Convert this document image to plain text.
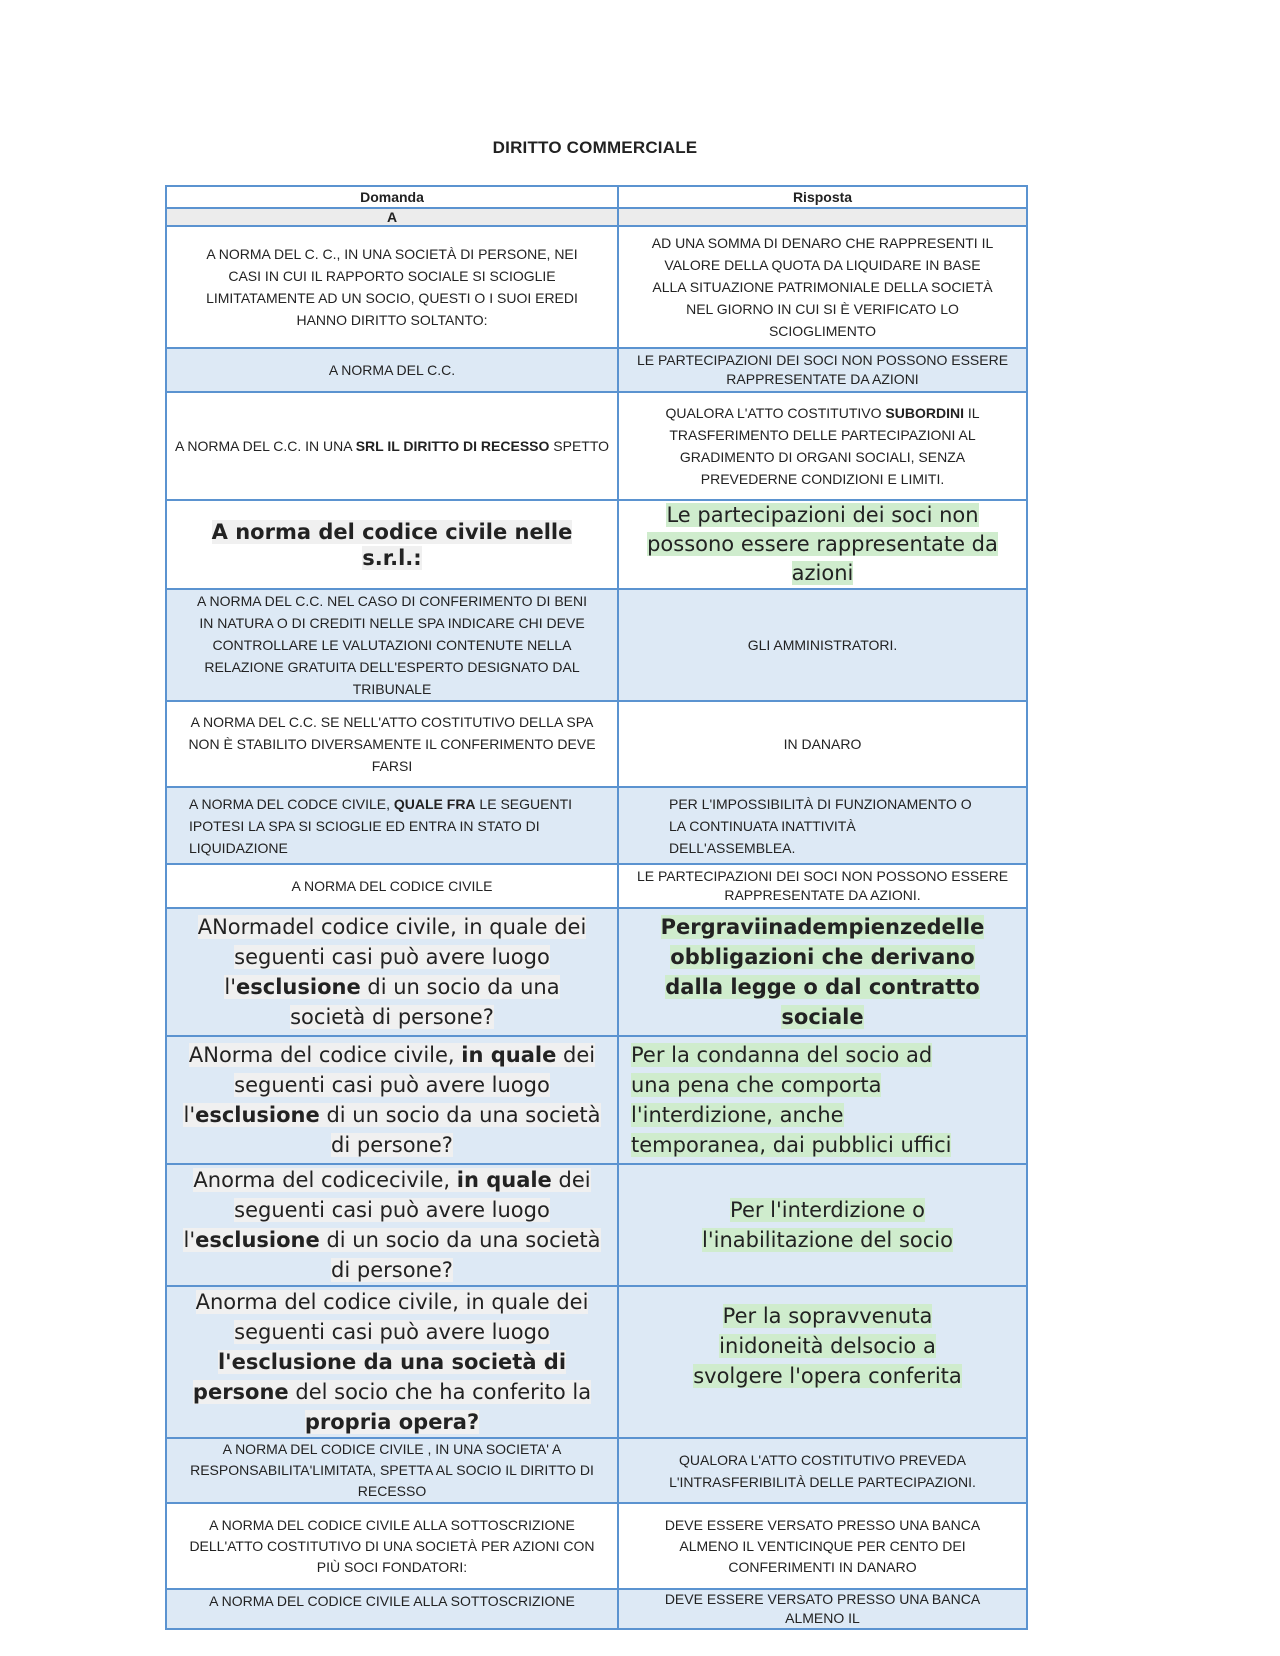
DIRITTO COMMERCIALE
Domanda	Risposta
A	
A NORMA DEL C. C., IN UNA SOCIETÀ DI PERSONE, NEI CASI IN CUI IL RAPPORTO SOCIALE SI SCIOGLIE LIMITATAMENTE AD UN SOCIO, QUESTI O I SUOI EREDI HANNO DIRITTO SOLTANTO:	AD UNA SOMMA DI DENARO CHE RAPPRESENTI IL VALORE DELLA QUOTA DA LIQUIDARE IN BASE ALLA SITUAZIONE PATRIMONIALE DELLA SOCIETÀ NEL GIORNO IN CUI SI È VERIFICATO LO SCIOGLIMENTO
A NORMA DEL C.C.	LE PARTECIPAZIONI DEI SOCI NON POSSONO ESSERE RAPPRESENTATE DA AZIONI
A NORMA DEL C.C. IN UNA SRL IL DIRITTO DI RECESSO SPETTO	QUALORA L'ATTO COSTITUTIVO SUBORDINI IL TRASFERIMENTO DELLE PARTECIPAZIONI AL GRADIMENTO DI ORGANI SOCIALI, SENZA PREVEDERNE CONDIZIONI E LIMITI.
A norma del codice civile nelle s.r.l.:	Le partecipazioni dei soci non possono essere rappresentate da azioni
A NORMA DEL C.C. NEL CASO DI CONFERIMENTO DI BENI IN NATURA O DI CREDITI NELLE SPA INDICARE CHI DEVE CONTROLLARE LE VALUTAZIONI CONTENUTE NELLA RELAZIONE GRATUITA DELL'ESPERTO DESIGNATO DAL TRIBUNALE	GLI AMMINISTRATORI.
A NORMA DEL C.C. SE NELL'ATTO COSTITUTIVO DELLA SPA NON È STABILITO DIVERSAMENTE IL CONFERIMENTO DEVE FARSI	IN DANARO
A NORMA DEL CODCE CIVILE, QUALE FRA LE SEGUENTI IPOTESI LA SPA SI SCIOGLIE ED ENTRA IN STATO DI LIQUIDAZIONE	PER L'IMPOSSIBILITÀ DI FUNZIONAMENTO O LA CONTINUATA INATTIVITÀ DELL'ASSEMBLEA.
A NORMA DEL CODICE CIVILE	LE PARTECIPAZIONI DEI SOCI NON POSSONO ESSERE RAPPRESENTATE DA AZIONI.
ANormadel codice civile, in quale dei seguenti casi può avere luogo l'esclusione di un socio da una società di persone?	Pergraviinadempienzedelle obbligazioni che derivano dalla legge o dal contratto sociale
ANorma del codice civile, in quale dei seguenti casi può avere luogo l'esclusione di un socio da una società di persone?	Per la condanna del socio ad una pena che comporta l'interdizione, anche temporanea, dai pubblici uffici
Anorma del codicecivile, in quale dei seguenti casi può avere luogo l'esclusione di un socio da una società di persone?	Per l'interdizione o l'inabilitazione del socio
Anorma del codice civile, in quale dei seguenti casi può avere luogo l'esclusione da una società di persone del socio che ha conferito la propria opera?	Per la sopravvenuta inidoneità delsocio a svolgere l'opera conferita
A NORMA DEL CODICE CIVILE , IN UNA SOCIETA' A RESPONSABILITA'LIMITATA, SPETTA AL SOCIO IL DIRITTO DI RECESSO	QUALORA L'ATTO COSTITUTIVO PREVEDA L'INTRASFERIBILITÀ DELLE PARTECIPAZIONI.
A NORMA DEL CODICE CIVILE ALLA SOTTOSCRIZIONE DELL'ATTO COSTITUTIVO DI UNA SOCIETÀ PER AZIONI CON PIÙ SOCI FONDATORI:	DEVE ESSERE VERSATO PRESSO UNA BANCA ALMENO IL VENTICINQUE PER CENTO DEI CONFERIMENTI IN DANARO
A NORMA DEL CODICE CIVILE ALLA SOTTOSCRIZIONE	DEVE ESSERE VERSATO PRESSO UNA BANCA ALMENO IL
